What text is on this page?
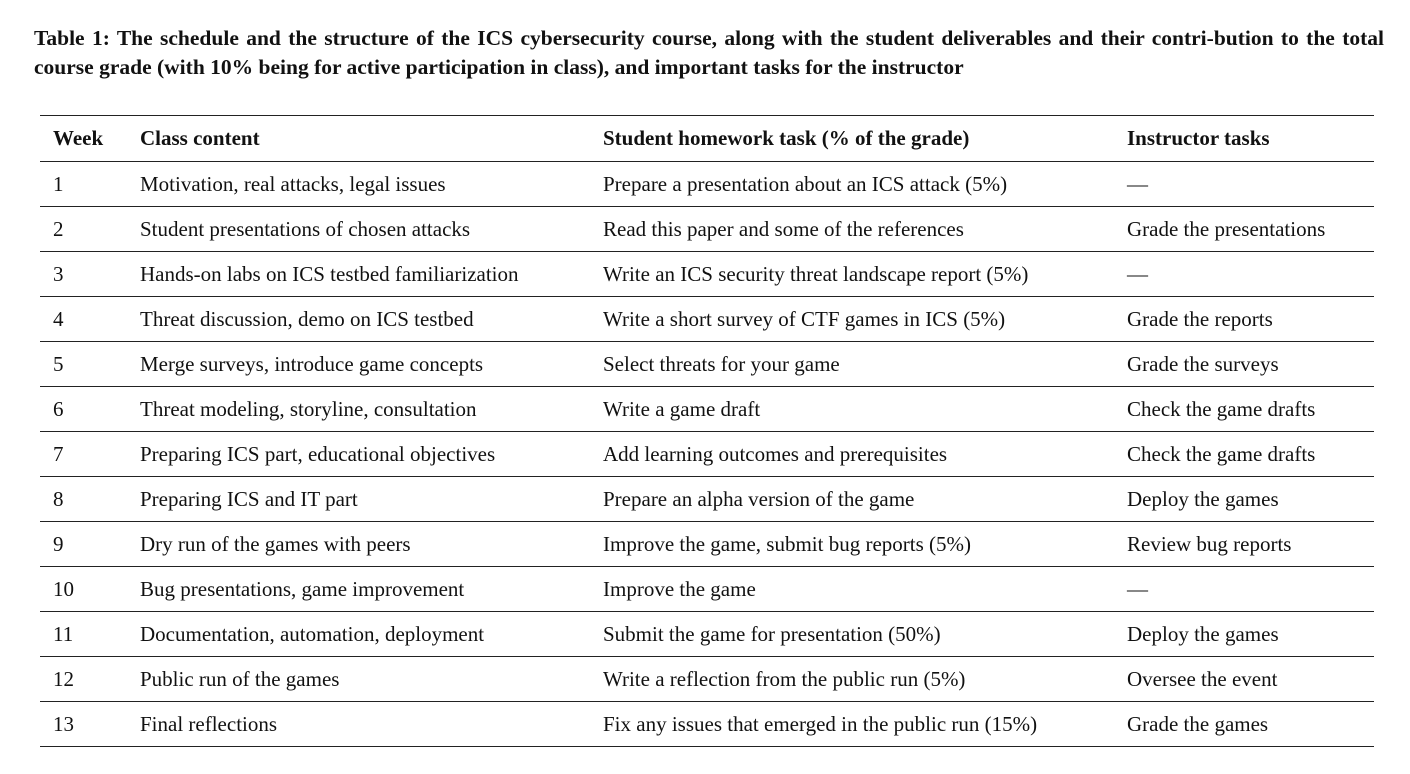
Table 1: The schedule and the structure of the ICS cybersecurity course, along with the student deliverables and their contri-bution to the total course grade (with 10% being for active participation in class), and important tasks for the instructor
Week	Class content	Student homework task (% of the grade)	Instructor tasks
1	Motivation, real attacks, legal issues	Prepare a presentation about an ICS attack (5%)	—
2	Student presentations of chosen attacks	Read this paper and some of the references	Grade the presentations
3	Hands-on labs on ICS testbed familiarization	Write an ICS security threat landscape report (5%)	—
4	Threat discussion, demo on ICS testbed	Write a short survey of CTF games in ICS (5%)	Grade the reports
5	Merge surveys, introduce game concepts	Select threats for your game	Grade the surveys
6	Threat modeling, storyline, consultation	Write a game draft	Check the game drafts
7	Preparing ICS part, educational objectives	Add learning outcomes and prerequisites	Check the game drafts
8	Preparing ICS and IT part	Prepare an alpha version of the game	Deploy the games
9	Dry run of the games with peers	Improve the game, submit bug reports (5%)	Review bug reports
10	Bug presentations, game improvement	Improve the game	—
11	Documentation, automation, deployment	Submit the game for presentation (50%)	Deploy the games
12	Public run of the games	Write a reflection from the public run (5%)	Oversee the event
13	Final reflections	Fix any issues that emerged in the public run (15%)	Grade the games
